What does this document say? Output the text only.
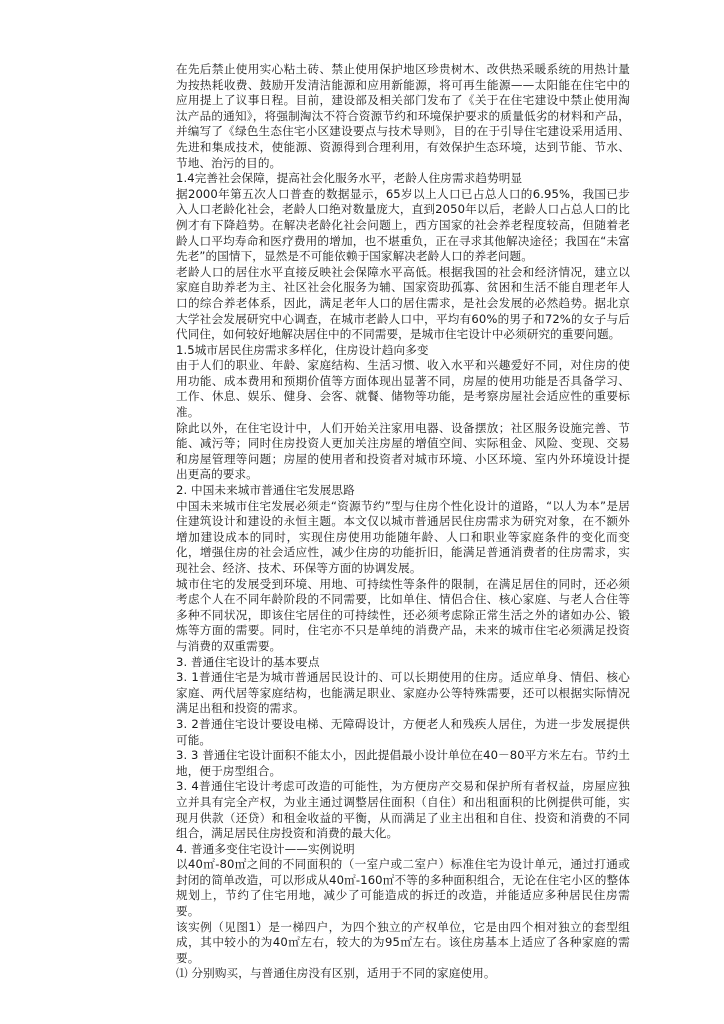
在先后禁止使用实心粘土砖、禁止使用保护地区珍贵树木、改供热采暖系统的用热计量为按热耗收费、鼓励开发清洁能源和应用新能源，将可再生能源——太阳能在住宅中的应用提上了议事日程。目前，建设部及相关部门发布了《关于在住宅建设中禁止使用淘汰产品的通知》，将强制淘汰不符合资源节约和环境保护要求的质量低劣的材料和产品，并编写了《绿色生态住宅小区建设要点与技术导则》，目的在于引导住宅建设采用适用、先进和集成技术，使能源、资源得到合理利用，有效保护生态环境，达到节能、节水、节地、治污的目的。

1.4完善社会保障，提高社会化服务水平，老龄人住房需求趋势明显

据2000年第五次人口普查的数据显示，65岁以上人口已占总人口的6.95%，我国已步入人口老龄化社会，老龄人口绝对数量庞大，直到2050年以后，老龄人口占总人口的比例才有下降趋势。在解决老龄化社会问题上，西方国家的社会养老程度较高，但随着老龄人口平均寿命和医疗费用的增加，也不堪重负，正在寻求其他解决途径；我国在“未富先老”的国情下，显然是不可能依赖于国家解决老龄人口的养老问题。

老龄人口的居住水平直接反映社会保障水平高低。根据我国的社会和经济情况，建立以家庭自助养老为主、社区社会化服务为辅、国家资助孤寡、贫困和生活不能自理老年人口的综合养老体系，因此，满足老年人口的居住需求，是社会发展的必然趋势。据北京大学社会发展研究中心调查，在城市老龄人口中，平均有60%的男子和72%的女子与后代同住，如何较好地解决居住中的不同需要，是城市住宅设计中必须研究的重要问题。

1.5城市居民住房需求多样化，住房设计趋向多变

由于人们的职业、年龄、家庭结构、生活习惯、收入水平和兴趣爱好不同，对住房的使用功能、成本费用和预期价值等方面体现出显著不同，房屋的使用功能是否具备学习、工作、休息、娱乐、健身、会客、就餐、储物等功能，是考察房屋社会适应性的重要标准。

除此以外，在住宅设计中，人们开始关注家用电器、设备摆放；社区服务设施完善、节能、减污等；同时住房投资人更加关注房屋的增值空间、实际租金、风险、变现、交易和房屋管理等问题；房屋的使用者和投资者对城市环境、小区环境、室内外环境设计提出更高的要求。

2. 中国未来城市普通住宅发展思路

中国未来城市住宅发展必须走“资源节约”型与住房个性化设计的道路，“以人为本”是居住建筑设计和建设的永恒主题。本文仅以城市普通居民住房需求为研究对象，在不额外增加建设成本的同时，实现住房使用功能随年龄、人口和职业等家庭条件的变化而变化，增强住房的社会适应性，减少住房的功能折旧，能满足普通消费者的住房需求，实现社会、经济、技术、环保等方面的协调发展。

城市住宅的发展受到环境、用地、可持续性等条件的限制，在满足居住的同时，还必须考虑个人在不同年龄阶段的不同需要，比如单住、情侣合住、核心家庭、与老人合住等多种不同状况，即该住宅居住的可持续性，还必须考虑除正常生活之外的诸如办公、锻炼等方面的需要。同时，住宅亦不只是单纯的消费产品，未来的城市住宅必须满足投资与消费的双重需要。

3. 普通住宅设计的基本要点

3. 1普通住宅是为城市普通居民设计的、可以长期使用的住房。适应单身、情侣、核心家庭、两代居等家庭结构，也能满足职业、家庭办公等特殊需要，还可以根据实际情况满足出租和投资的需求。

3. 2普通住宅设计要设电梯、无障碍设计，方便老人和残疾人居住，为进一步发展提供可能。

3. 3 普通住宅设计面积不能太小，因此提倡最小设计单位在40－80平方米左右。节约土地，便于房型组合。

3. 4普通住宅设计考虑可改造的可能性，为方便房产交易和保护所有者权益，房屋应独立并具有完全产权，为业主通过调整居住面积（自住）和出租面积的比例提供可能，实现月供款（还贷）和租金收益的平衡，从而满足了业主出租和自住、投资和消费的不同组合，满足居民住房投资和消费的最大化。

4. 普通多变住宅设计——实例说明

以40㎡-80㎡之间的不同面积的（一室户或二室户）标准住宅为设计单元，通过打通或封闭的简单改造，可以形成从40㎡-160㎡不等的多种面积组合，无论在住宅小区的整体规划上，节约了住宅用地，减少了可能造成的拆迁的改造，并能适应多种居民住房需要。

该实例（见图1）是一梯四户，为四个独立的产权单位，它是由四个相对独立的套型组成，其中较小的为40㎡左右，较大的为95㎡左右。该住房基本上适应了各种家庭的需要。

⑴ 分别购买，与普通住房没有区别，适用于不同的家庭使用。
